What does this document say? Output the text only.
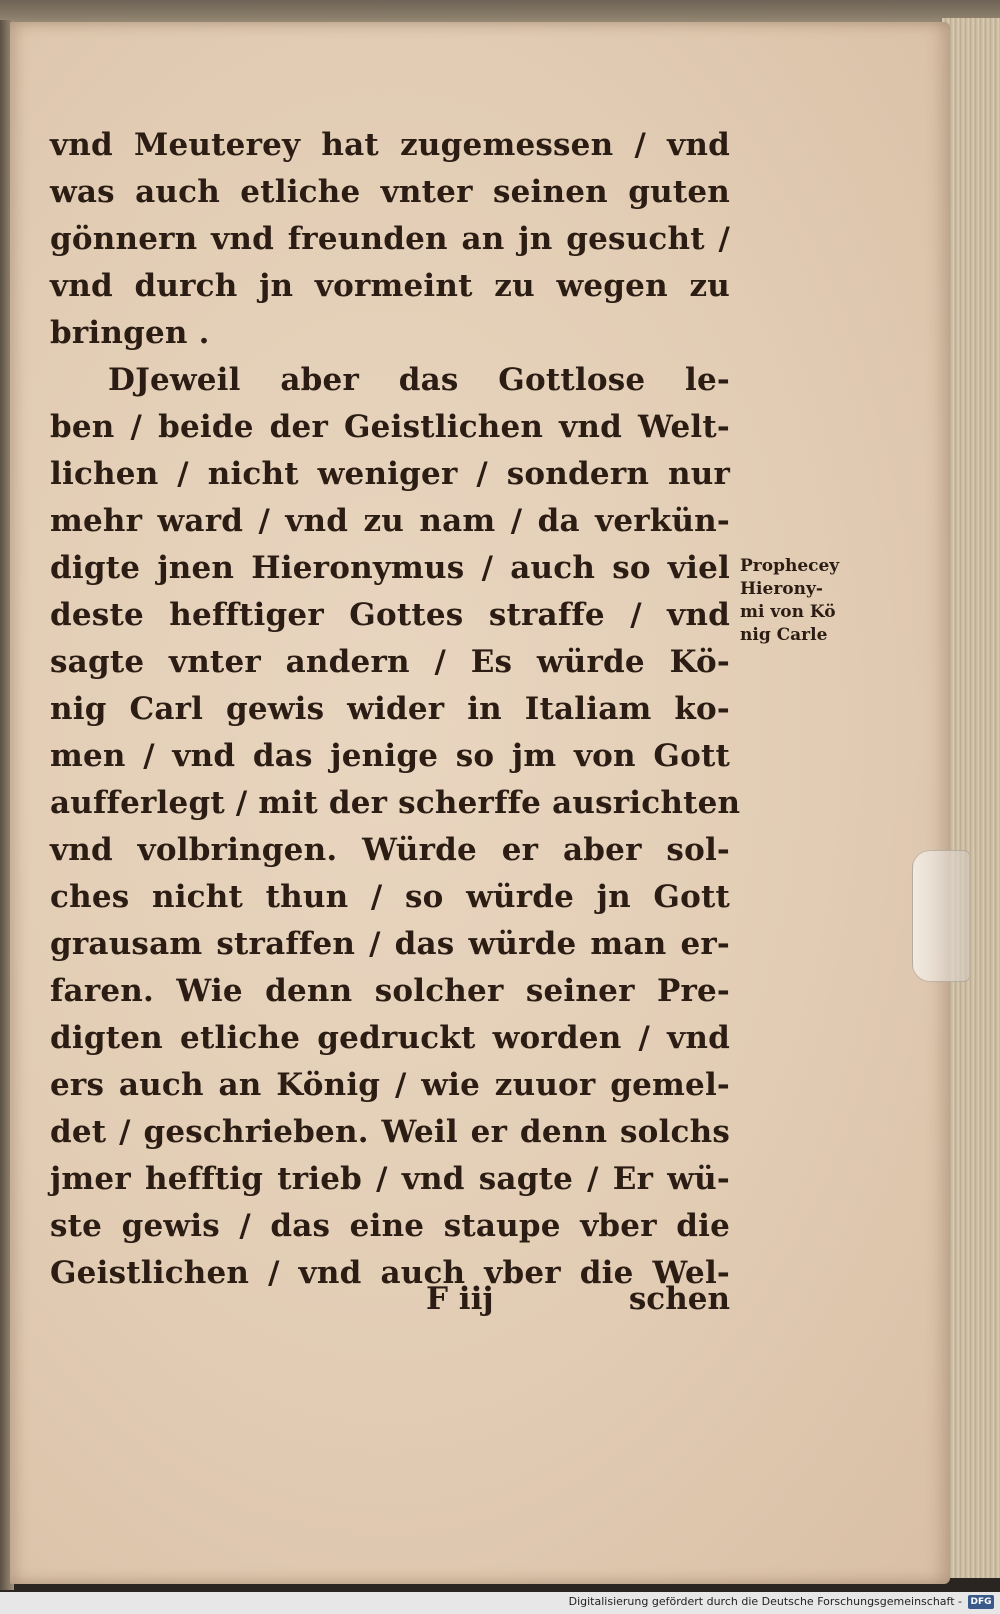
vnd Meuterey hat zugemessen / vnd
was auch etliche vnter seinen guten
gönnern vnd freunden an jn gesucht /
vnd durch jn vormeint zu wegen zu
bringen .
DJeweil aber das Gottlose le-
ben / beide der Geistlichen vnd Welt-
lichen / nicht weniger / sondern nur
mehr ward / vnd zu nam / da verkün-
digte jnen Hieronymus / auch so viel
deste hefftiger Gottes straffe / vnd
sagte vnter andern / Es würde Kö-
nig Carl gewis wider in Italiam ko-
men / vnd das jenige so jm von Gott
aufferlegt / mit der scherffe ausrichten
vnd volbringen. Würde er aber sol-
ches nicht thun / so würde jn Gott
grausam straffen / das würde man er-
faren. Wie denn solcher seiner Pre-
digten etliche gedruckt worden / vnd
ers auch an König / wie zuuor gemel-
det / geschrieben. Weil er denn solchs
jmer hefftig trieb / vnd sagte / Er wü-
ste gewis / das eine staupe vber die
Geistlichen / vnd auch vber die Wel-
Prophecey
Hierony-
mi von Kö
nig Carle
F iij	schen
Digitalisierung gefördert durch die Deutsche Forschungsgemeinschaft - DFG
